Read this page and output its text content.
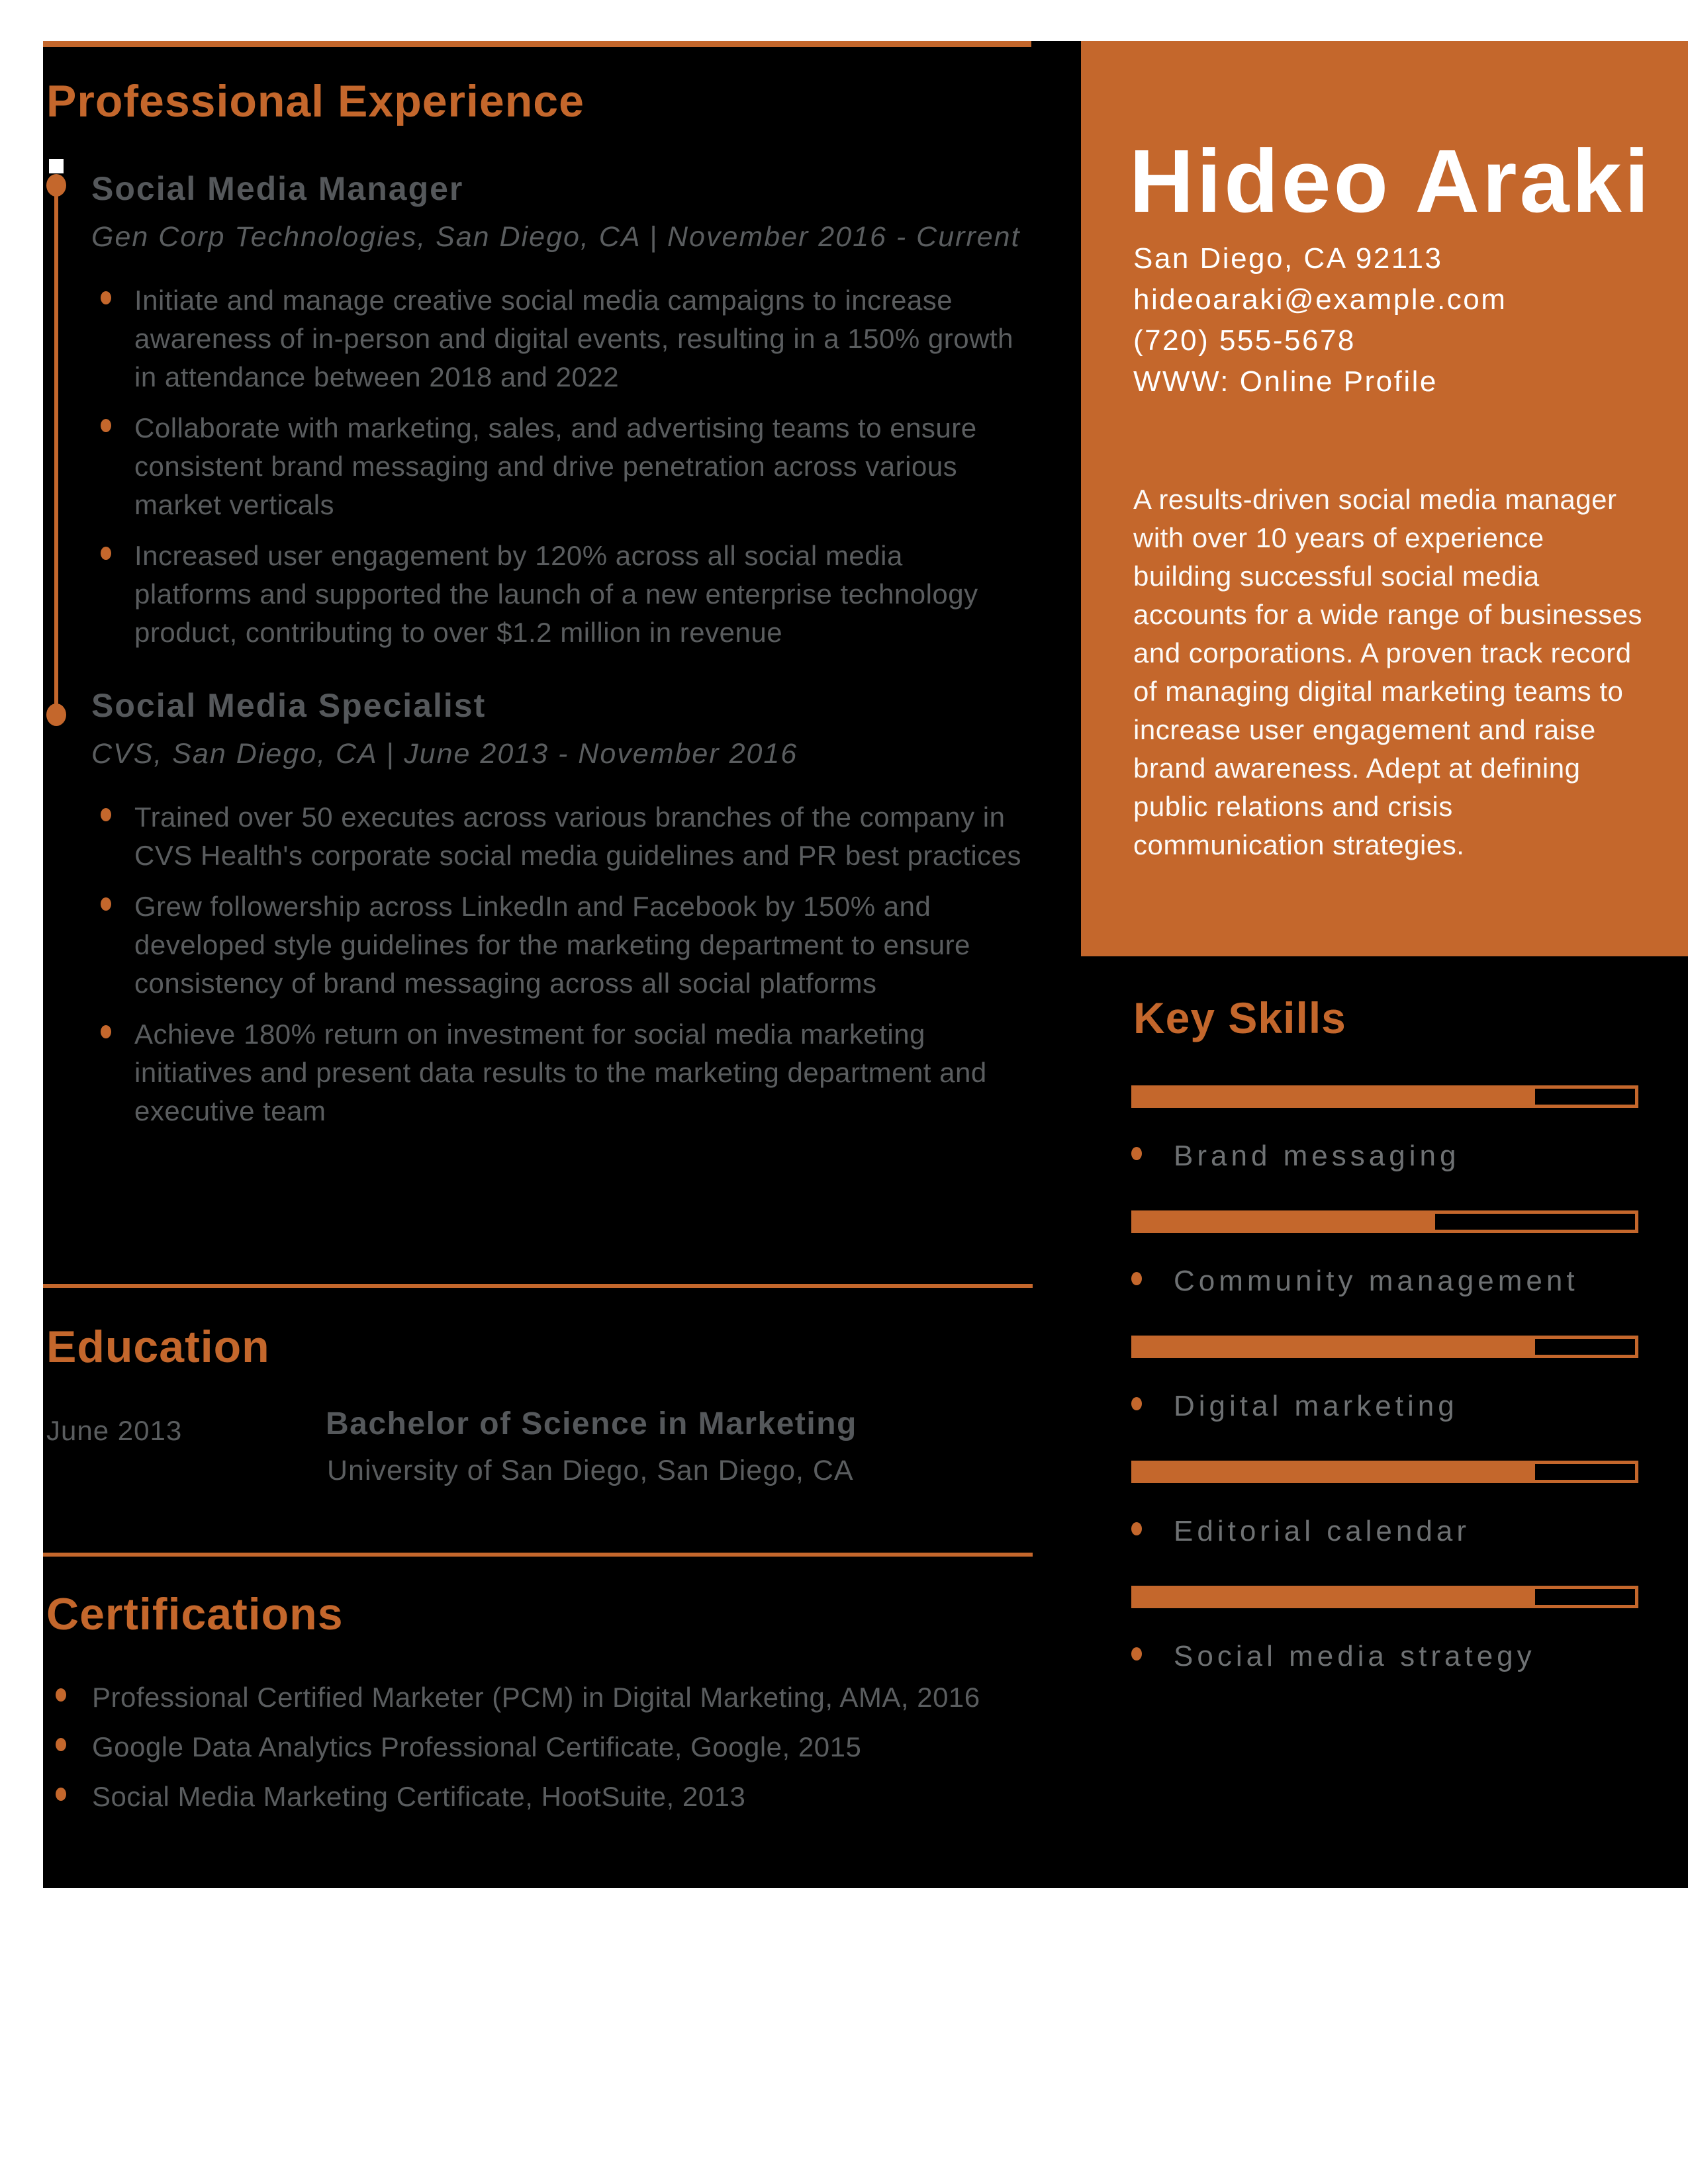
Professional Experience
Social Media Manager
Gen Corp Technologies, San Diego, CA | November 2016 - Current
Initiate and manage creative social media campaigns to increase awareness of in-person and digital events, resulting in a 150% growth in attendance between 2018 and 2022
Collaborate with marketing, sales, and advertising teams to ensure consistent brand messaging and drive penetration across various market verticals
Increased user engagement by 120% across all social media platforms and supported the launch of a new enterprise technology product, contributing to over $1.2 million in revenue
Social Media Specialist
CVS, San Diego, CA | June 2013 - November 2016
Trained over 50 executes across various branches of the company in CVS Health's corporate social media guidelines and PR best practices
Grew followership across LinkedIn and Facebook by 150% and developed style guidelines for the marketing department to ensure consistency of brand messaging across all social platforms
Achieve 180% return on investment for social media marketing initiatives and present data results to the marketing department and executive team
Education
June 2013	Bachelor of Science in Marketing
University of San Diego, San Diego, CA
Certifications
Professional Certified Marketer (PCM) in Digital Marketing, AMA, 2016
Google Data Analytics Professional Certificate, Google, 2015
Social Media Marketing Certificate, HootSuite, 2013
Hideo Araki
San Diego, CA 92113
hideoaraki@example.com
(720) 555-5678
WWW: Online Profile
A results-driven social media manager with over 10 years of experience building successful social media accounts for a wide range of businesses and corporations. A proven track record of managing digital marketing teams to increase user engagement and raise brand awareness. Adept at defining public relations and crisis communication strategies.
Key Skills
Brand messaging
Community management
Digital marketing
Editorial calendar
Social media strategy
